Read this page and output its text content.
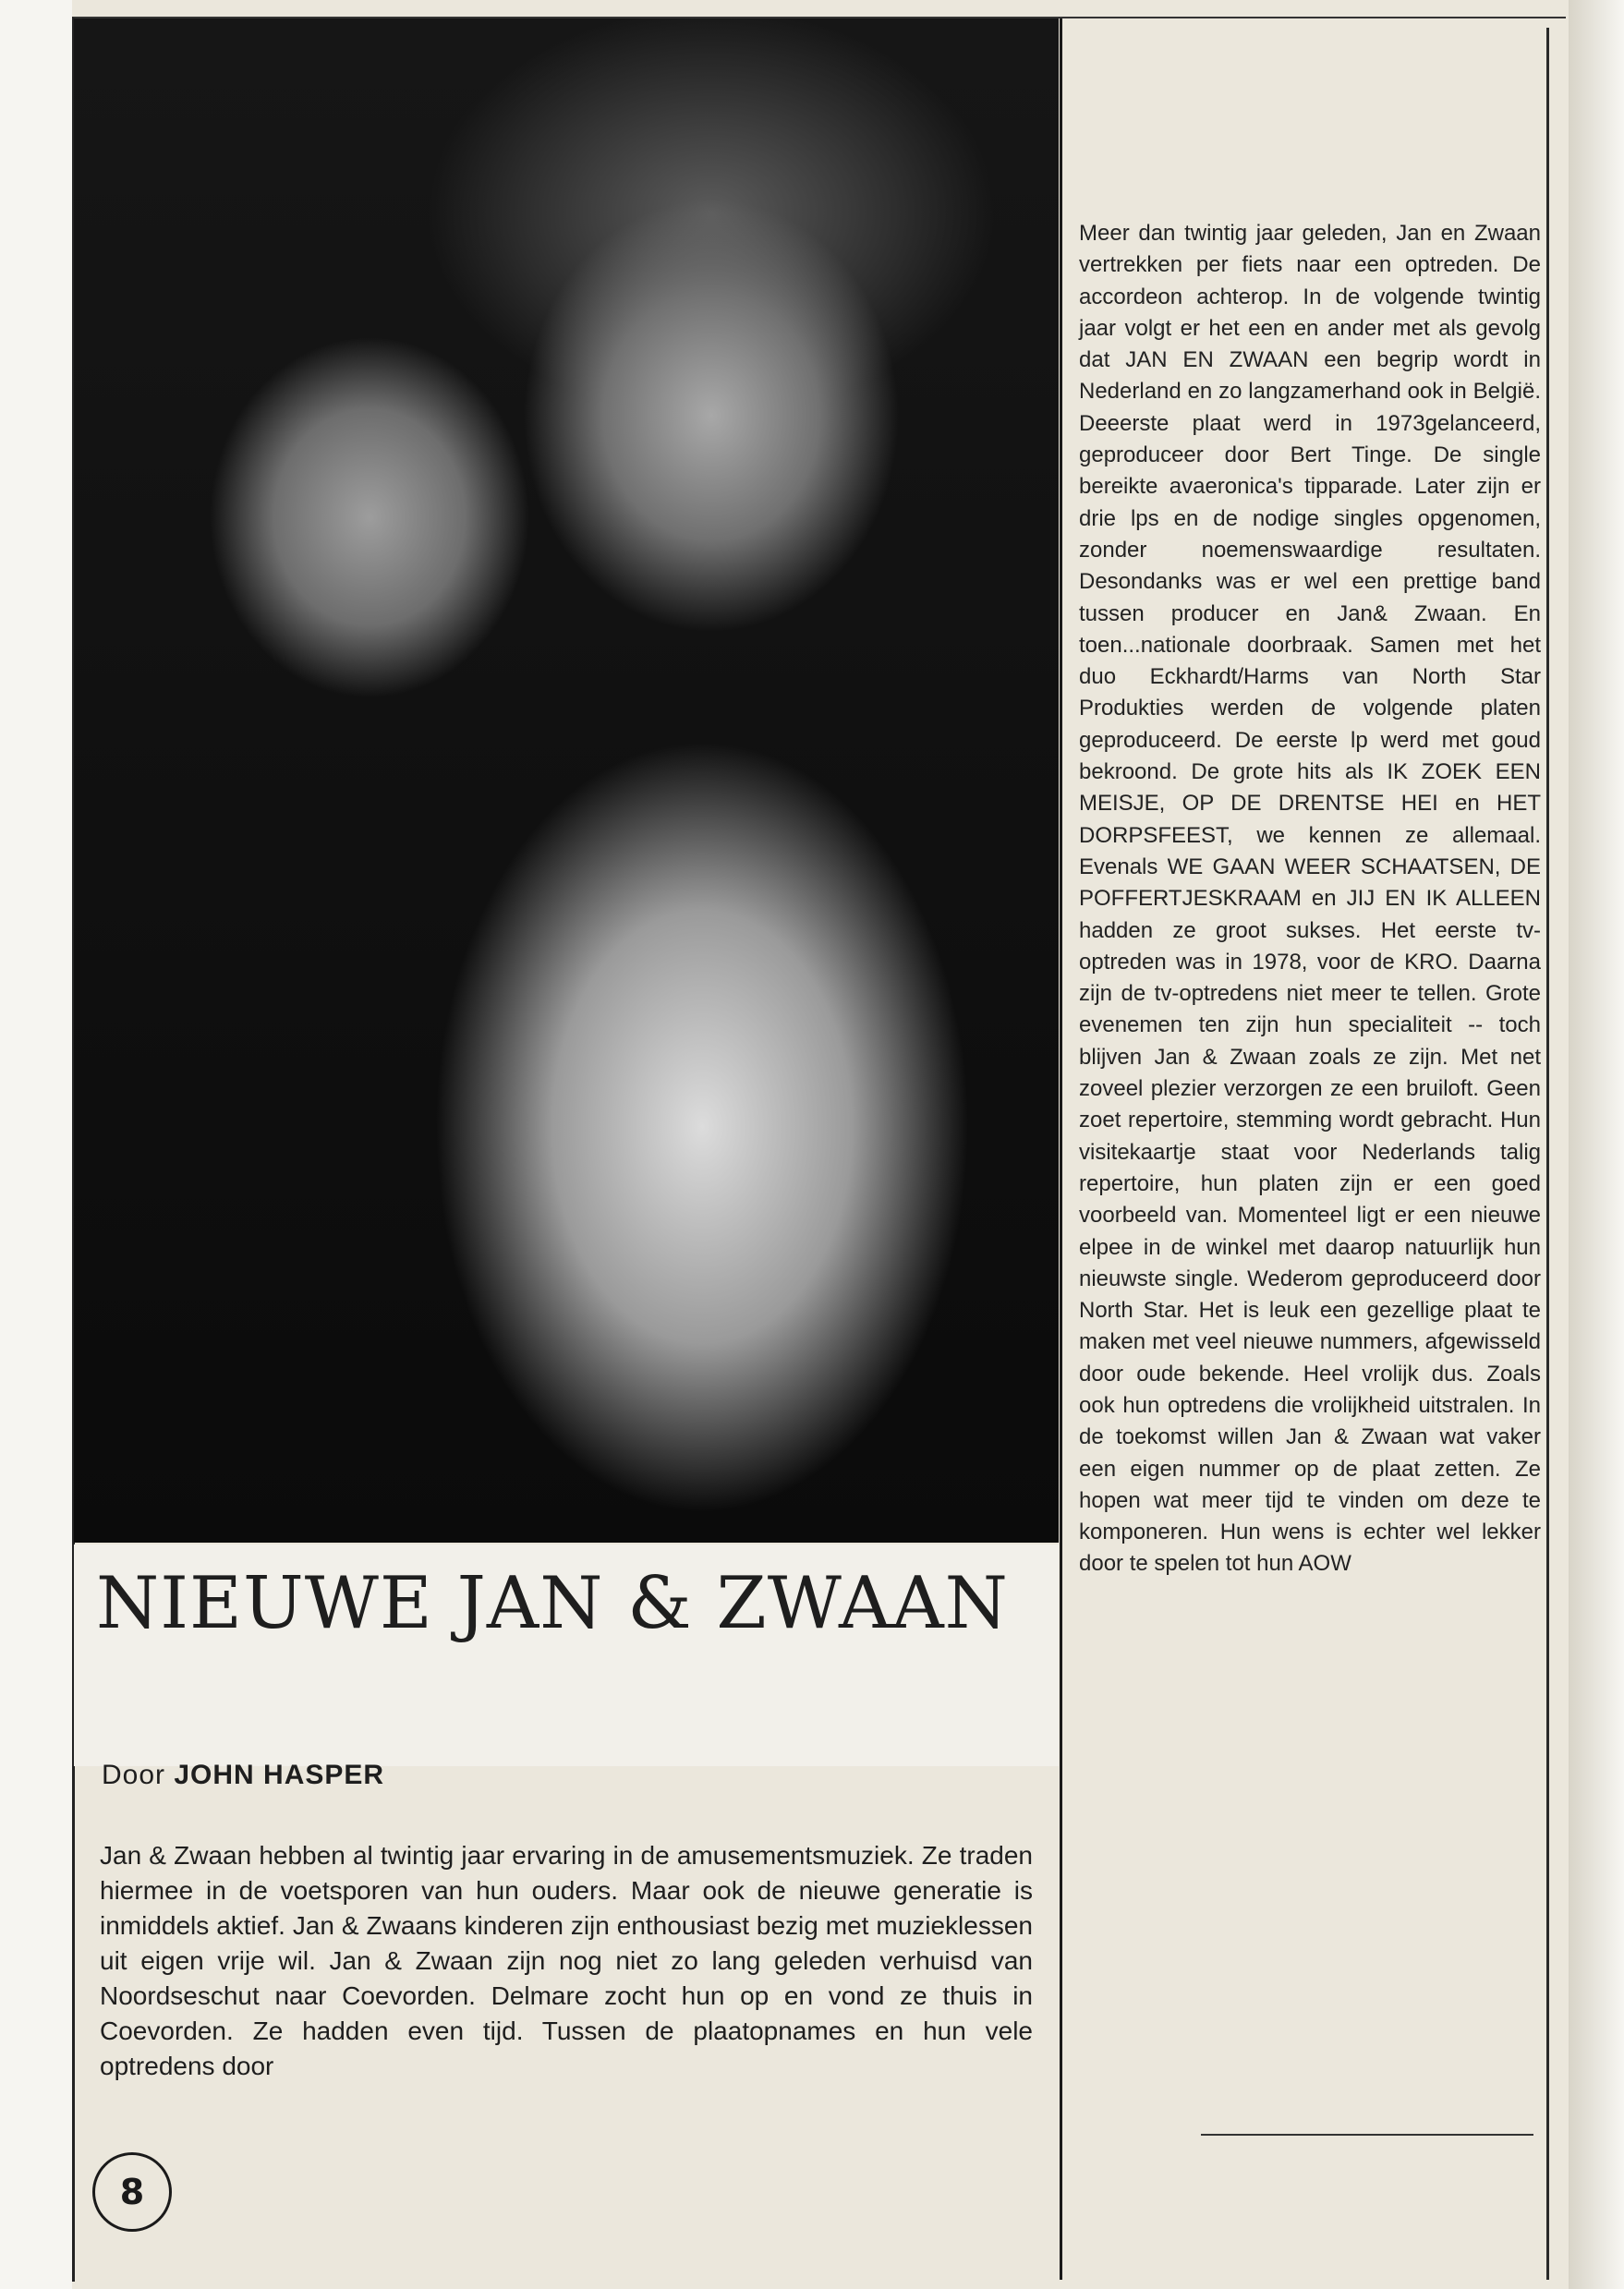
NIEUWE JAN & ZWAAN
Door JOHN HASPER

Jan & Zwaan hebben al twintig jaar ervaring in de amusementsmuziek. Ze traden hiermee in de voetsporen van hun ouders. Maar ook de nieuwe generatie is inmiddels aktief. Jan & Zwaans kinderen zijn enthousiast bezig met muzieklessen uit eigen vrije wil. Jan & Zwaan zijn nog niet zo lang geleden verhuisd van Noordseschut naar Coevorden. Delmare zocht hun op en vond ze thuis in Coevorden. Ze hadden even tijd. Tussen de plaatopnames en hun vele optredens door

Meer dan twintig jaar geleden, Jan en Zwaan vertrekken per fiets naar een optreden. De accordeon achterop. In de volgende twintig jaar volgt er het een en ander met als gevolg dat JAN EN ZWAAN een begrip wordt in Nederland en zo langzamerhand ook in België. Deeerste plaat werd in 1973gelanceerd, geproduceer door Bert Tinge. De single bereikte avaeronica's tipparade. Later zijn er drie lps en de nodige singles opgenomen, zonder noemenswaardige resultaten. Desondanks was er wel een prettige band tussen producer en Jan& Zwaan. En toen...nationale doorbraak. Samen met het duo Eckhardt/Harms van North Star Produkties werden de volgende platen geproduceerd. De eerste lp werd met goud bekroond. De grote hits als IK ZOEK EEN MEISJE, OP DE DRENTSE HEI en HET DORPSFEEST, we kennen ze allemaal. Evenals WE GAAN WEER SCHAATSEN, DE POFFERTJESKRAAM en JIJ EN IK ALLEEN hadden ze groot sukses. Het eerste tv-optreden was in 1978, voor de KRO. Daarna zijn de tv-optredens niet meer te tellen. Grote evenemen ten zijn hun specialiteit -- toch blijven Jan & Zwaan zoals ze zijn. Met net zoveel plezier verzorgen ze een bruiloft. Geen zoet repertoire, stemming wordt gebracht. Hun visitekaartje staat voor Nederlands talig repertoire, hun platen zijn er een goed voorbeeld van. Momenteel ligt er een nieuwe elpee in de winkel met daarop natuurlijk hun nieuwste single. Wederom geproduceerd door North Star. Het is leuk een gezellige plaat te maken met veel nieuwe nummers, afgewisseld door oude bekende. Heel vrolijk dus. Zoals ook hun optredens die vrolijkheid uitstralen. In de toekomst willen Jan & Zwaan wat vaker een eigen nummer op de plaat zetten. Ze hopen wat meer tijd te vinden om deze te komponeren. Hun wens is echter wel lekker door te spelen tot hun AOW

8
